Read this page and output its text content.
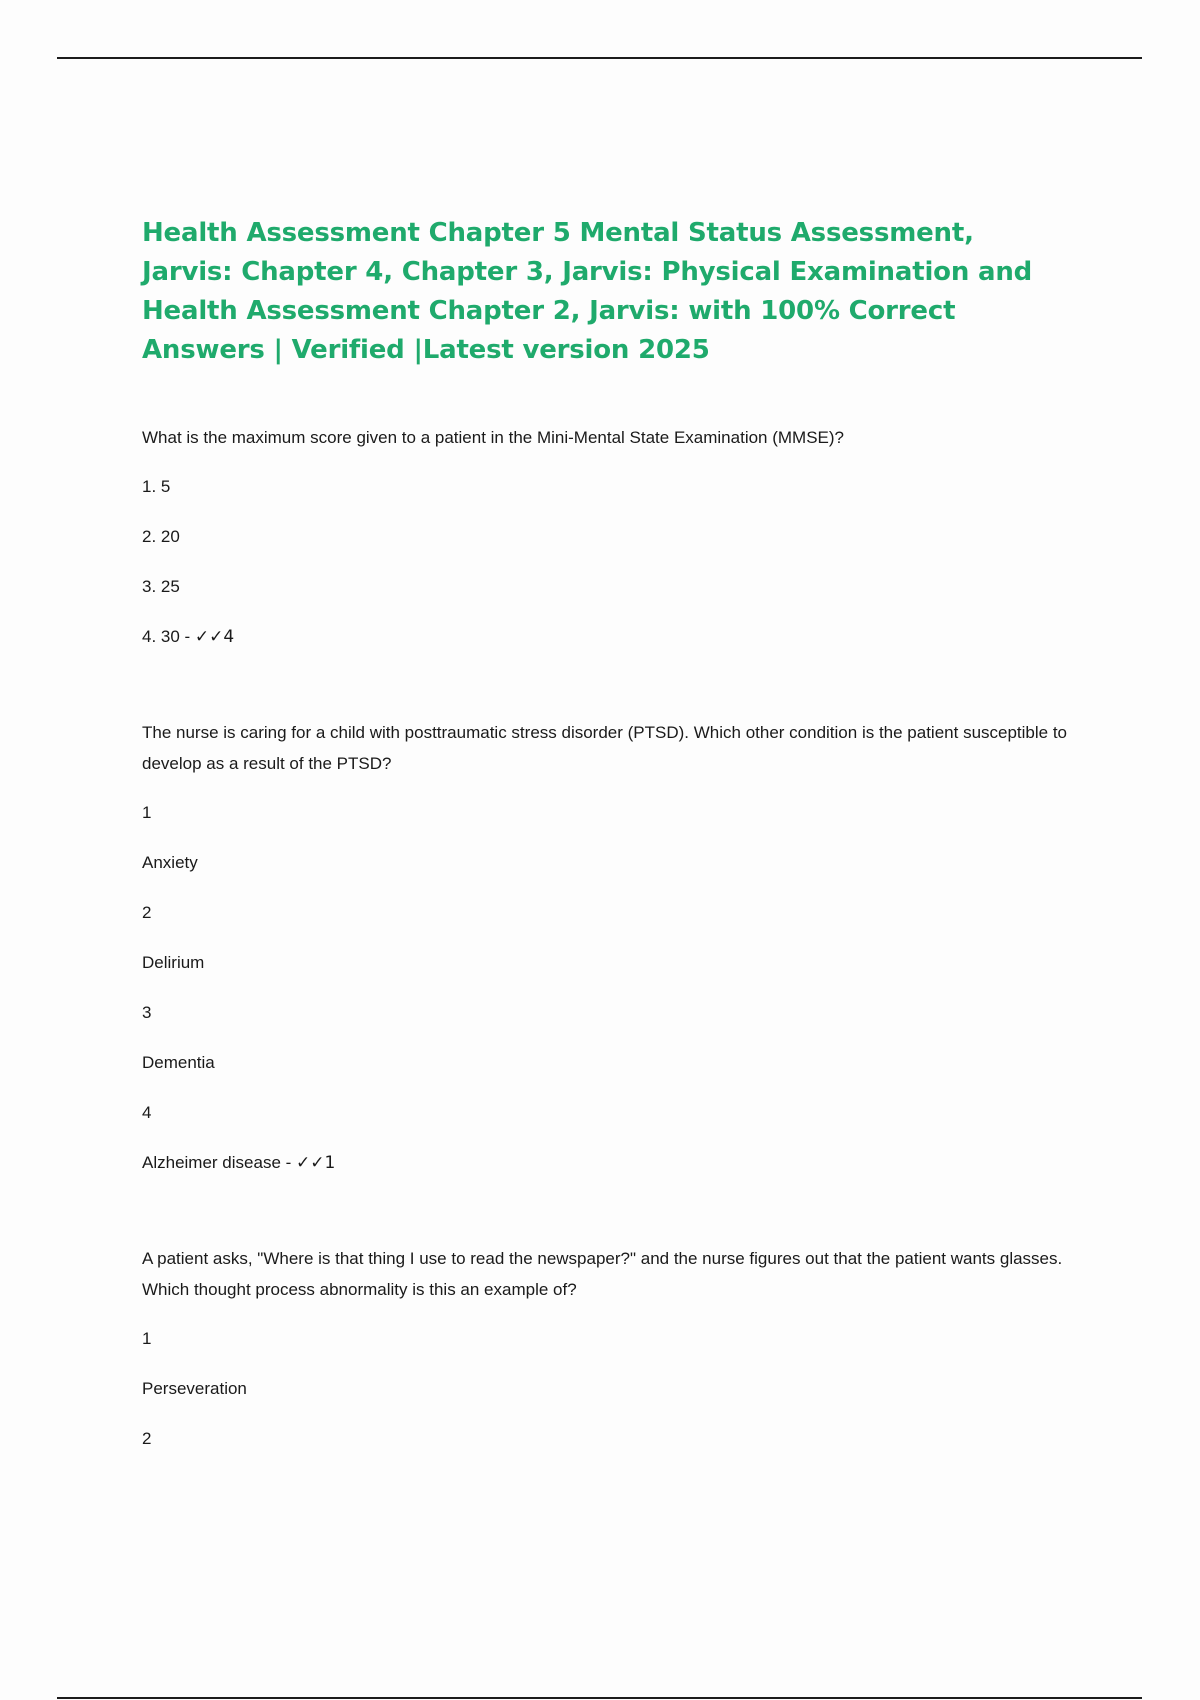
Health Assessment Chapter 5 Mental Status Assessment, Jarvis: Chapter 4, Chapter 3, Jarvis: Physical Examination and Health Assessment Chapter 2, Jarvis: with 100% Correct Answers | Verified |Latest version 2025

What is the maximum score given to a patient in the Mini-Mental State Examination (MMSE)?

1. 5

2. 20

3. 25

4. 30 - ✓✓4

The nurse is caring for a child with posttraumatic stress disorder (PTSD). Which other condition is the patient susceptible to develop as a result of the PTSD?

1

Anxiety

2

Delirium

3

Dementia

4

Alzheimer disease - ✓✓1

A patient asks, "Where is that thing I use to read the newspaper?" and the nurse figures out that the patient wants glasses. Which thought process abnormality is this an example of?

1

Perseveration

2
